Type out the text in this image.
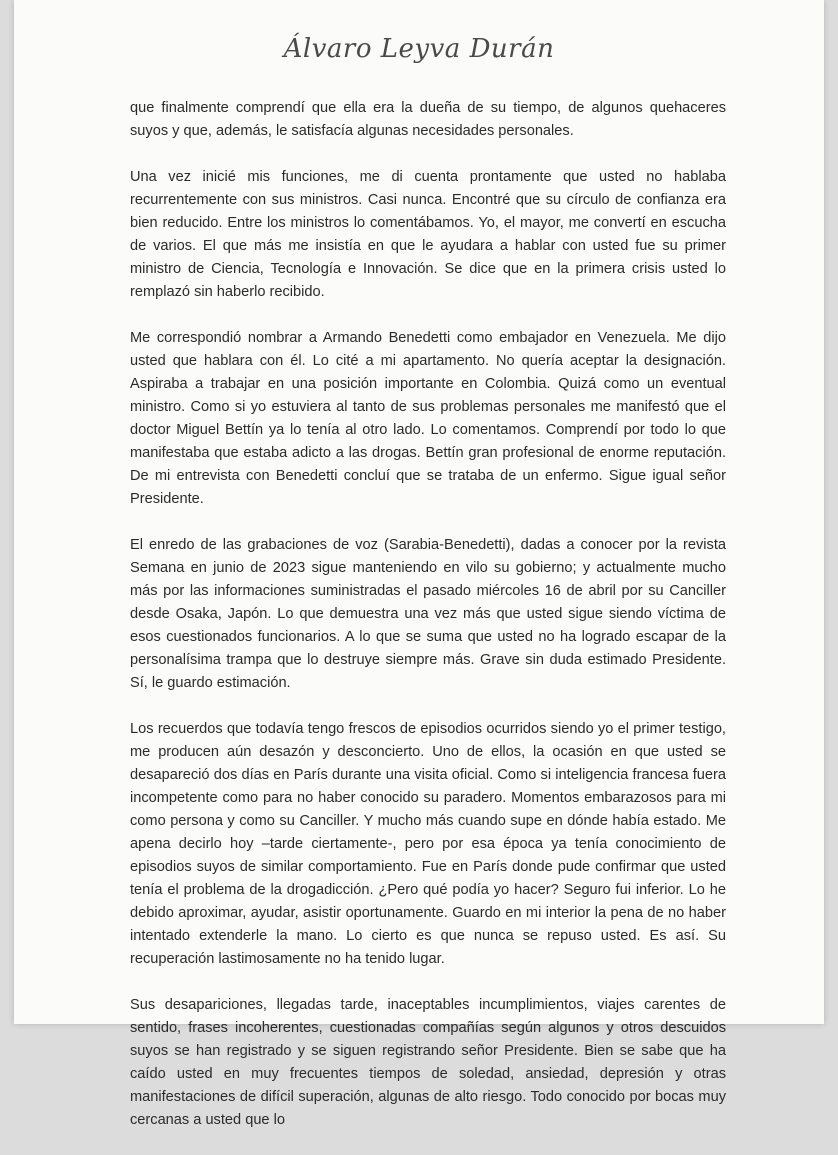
Álvaro Leyva Durán

que finalmente comprendí que ella era la dueña de su tiempo, de algunos quehaceres suyos y que, además, le satisfacía algunas necesidades personales.

Una vez inicié mis funciones, me di cuenta prontamente que usted no hablaba recurrentemente con sus ministros. Casi nunca. Encontré que su círculo de confianza era bien reducido. Entre los ministros lo comentábamos. Yo, el mayor, me convertí en escucha de varios. El que más me insistía en que le ayudara a hablar con usted fue su primer ministro de Ciencia, Tecnología e Innovación. Se dice que en la primera crisis usted lo remplazó sin haberlo recibido.

Me correspondió nombrar a Armando Benedetti como embajador en Venezuela. Me dijo usted que hablara con él. Lo cité a mi apartamento. No quería aceptar la designación. Aspiraba a trabajar en una posición importante en Colombia. Quizá como un eventual ministro. Como si yo estuviera al tanto de sus problemas personales me manifestó que el doctor Miguel Bettín ya lo tenía al otro lado. Lo comentamos. Comprendí por todo lo que manifestaba que estaba adicto a las drogas. Bettín gran profesional de enorme reputación. De mi entrevista con Benedetti concluí que se trataba de un enfermo. Sigue igual señor Presidente.

El enredo de las grabaciones de voz (Sarabia-Benedetti), dadas a conocer por la revista Semana en junio de 2023 sigue manteniendo en vilo su gobierno; y actualmente mucho más por las informaciones suministradas el pasado miércoles 16 de abril por su Canciller desde Osaka, Japón. Lo que demuestra una vez más que usted sigue siendo víctima de esos cuestionados funcionarios. A lo que se suma que usted no ha logrado escapar de la personalísima trampa que lo destruye siempre más. Grave sin duda estimado Presidente. Sí, le guardo estimación.

Los recuerdos que todavía tengo frescos de episodios ocurridos siendo yo el primer testigo, me producen aún desazón y desconcierto. Uno de ellos, la ocasión en que usted se desapareció dos días en París durante una visita oficial. Como si inteligencia francesa fuera incompetente como para no haber conocido su paradero. Momentos embarazosos para mi como persona y como su Canciller. Y mucho más cuando supe en dónde había estado. Me apena decirlo hoy –tarde ciertamente-, pero por esa época ya tenía conocimiento de episodios suyos de similar comportamiento. Fue en París donde pude confirmar que usted tenía el problema de la drogadicción. ¿Pero qué podía yo hacer? Seguro fui inferior. Lo he debido aproximar, ayudar, asistir oportunamente. Guardo en mi interior la pena de no haber intentado extenderle la mano. Lo cierto es que nunca se repuso usted. Es así. Su recuperación lastimosamente no ha tenido lugar.

Sus desapariciones, llegadas tarde, inaceptables incumplimientos, viajes carentes de sentido, frases incoherentes, cuestionadas compañías según algunos y otros descuidos suyos se han registrado y se siguen registrando señor Presidente. Bien se sabe que ha caído usted en muy frecuentes tiempos de soledad, ansiedad, depresión y otras manifestaciones de difícil superación, algunas de alto riesgo. Todo conocido por bocas muy cercanas a usted que lo
